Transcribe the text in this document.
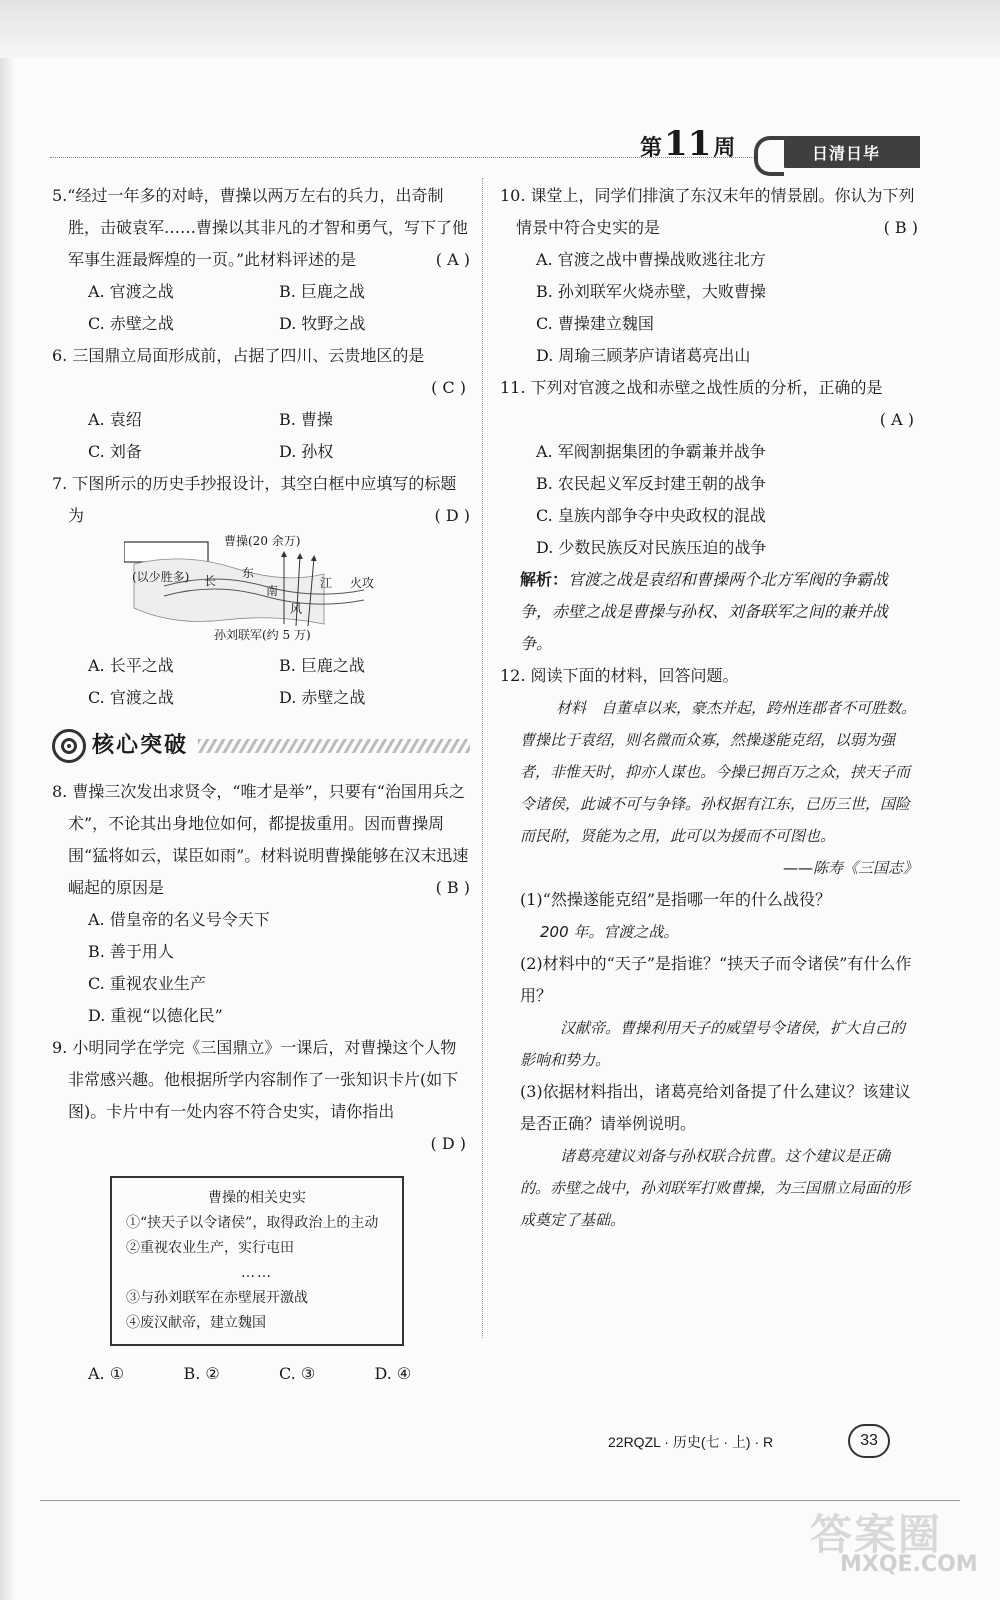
第 11 周	日清日毕
5.“经过一年多的对峙，曹操以两万左右的兵力，出奇制胜，击破袁军……曹操以其非凡的才智和勇气，写下了他军事生涯最辉煌的一页。”此材料评述的是	( A )
A. 官渡之战	B. 巨鹿之战
C. 赤壁之战	D. 牧野之战
6. 三国鼎立局面形成前，占据了四川、云贵地区的是
( C )
A. 袁绍	B. 曹操
C. 刘备	D. 孙权
7. 下图所示的历史手抄报设计，其空白框中应填写的标题为	( D )
曹操(20 余万)
(以少胜多) 长
东
南
风
江 火攻
孙刘联军(约 5 万)
A. 长平之战	B. 巨鹿之战
C. 官渡之战	D. 赤壁之战
核心突破
8. 曹操三次发出求贤令，“唯才是举”，只要有“治国用兵之术”，不论其出身地位如何，都提拔重用。因而曹操周围“猛将如云，谋臣如雨”。材料说明曹操能够在汉末迅速崛起的原因是	( B )
A. 借皇帝的名义号令天下
B. 善于用人
C. 重视农业生产
D. 重视“以德化民”
9. 小明同学在学完《三国鼎立》一课后，对曹操这个人物非常感兴趣。他根据所学内容制作了一张知识卡片(如下图)。卡片中有一处内容不符合史实，请你指出
( D )
曹操的相关史实
①“挟天子以令诸侯”，取得政治上的主动
②重视农业生产，实行屯田
……
③与孙刘联军在赤壁展开激战
④废汉献帝，建立魏国
A. ①	B. ②	C. ③	D. ④
10. 课堂上，同学们排演了东汉末年的情景剧。你认为下列情景中符合史实的是	( B )
A. 官渡之战中曹操战败逃往北方
B. 孙刘联军火烧赤壁，大败曹操
C. 曹操建立魏国
D. 周瑜三顾茅庐请诸葛亮出山
11. 下列对官渡之战和赤壁之战性质的分析，正确的是
( A )
A. 军阀割据集团的争霸兼并战争
B. 农民起义军反封建王朝的战争
C. 皇族内部争夺中央政权的混战
D. 少数民族反对民族压迫的战争
解析：官渡之战是袁绍和曹操两个北方军阀的争霸战争，赤壁之战是曹操与孙权、刘备联军之间的兼并战争。
12. 阅读下面的材料，回答问题。
材料　自董卓以来，豪杰并起，跨州连郡者不可胜数。曹操比于袁绍，则名微而众寡，然操遂能克绍，以弱为强者，非惟天时，抑亦人谋也。今操已拥百万之众，挟天子而令诸侯，此诚不可与争锋。孙权据有江东，已历三世，国险而民附，贤能为之用，此可以为援而不可图也。
——陈寿《三国志》
(1)“然操遂能克绍”是指哪一年的什么战役？
200 年。官渡之战。
(2)材料中的“天子”是指谁？“挟天子而令诸侯”有什么作用？
汉献帝。曹操利用天子的威望号令诸侯，扩大自己的影响和势力。
(3)依据材料指出，诸葛亮给刘备提了什么建议？该建议是否正确？请举例说明。
诸葛亮建议刘备与孙权联合抗曹。这个建议是正确的。赤壁之战中，孙刘联军打败曹操，为三国鼎立局面的形成奠定了基础。
22RQZL · 历史(七 · 上) · R	33
答案圈
MXQE.COM
